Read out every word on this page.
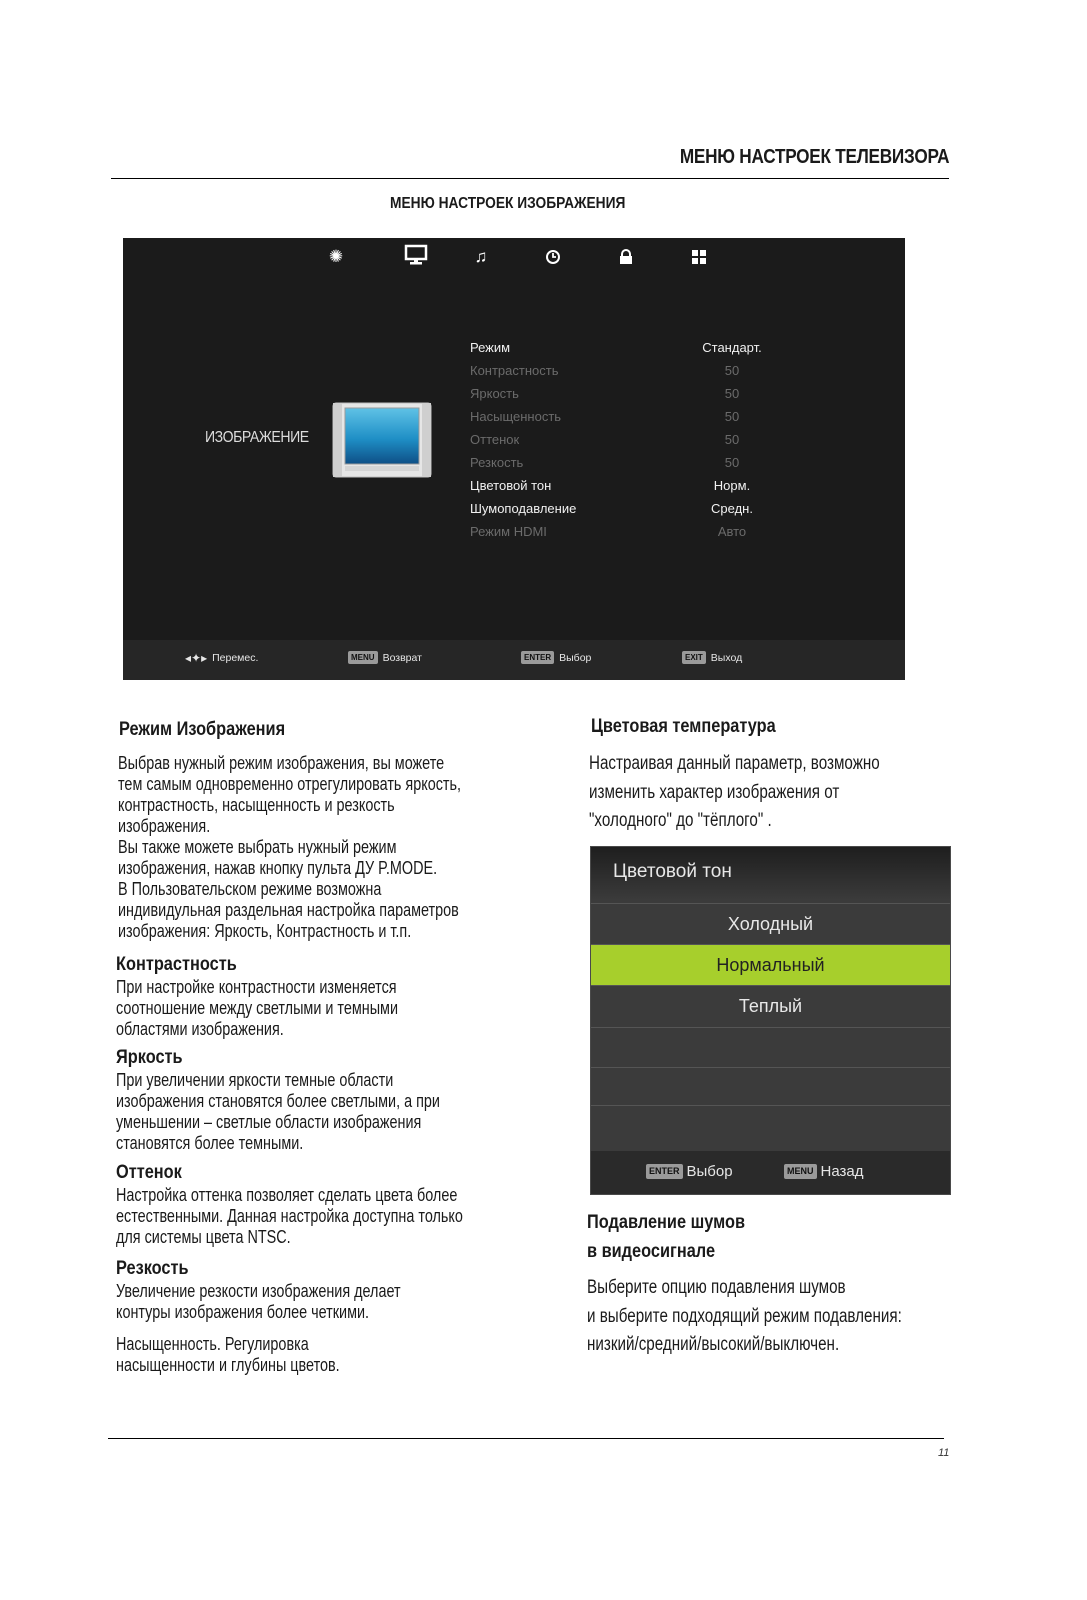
МЕНЮ НАСТРОЕК ТЕЛЕВИЗОРА
МЕНЮ НАСТРОЕК ИЗОБРАЖЕНИЯ
✺	♫
ИЗОБРАЖЕНИЕ
Режим	Стандарт.
Контрастность	50
Яркость	50
Насыщенность	50
Оттенок	50
Резкость	50
Цветовой тон	Норм.
Шумоподавление	Средн.
Режим HDMI	Авто
◂✦▸ Перемес.	MENU Возврат	ENTER Выбор	EXIT Выход
Режим Изображения
Выбрав нужный режим изображения, вы можете
тем самым одновременно отрегулировать яркость,
контрастность, насыщенность и резкость
изображения.
Вы также можете выбрать нужный режим
изображения, нажав кнопку пульта ДУ P.MODE.
В Пользовательском режиме возможна
индивидульная раздельная настройка параметров
изображения: Яркость, Контрастность и т.п.
Контрастность
При настройке контрастности изменяется
соотношение между светлыми и темными
областями изображения.
Яркость
При увеличении яркости темные области
изображения становятся более светлыми, а при
уменьшении – светлые области изображения
становятся более темными.
Оттенок
Настройка оттенка позволяет сделать цвета более
естественными. Данная настройка доступна только
для системы цвета NTSC.
Резкость
Увеличение резкости изображения делает
контуры изображения более четкими.
Насыщенность. Регулировка
насыщенности и глубины цветов.
Цветовая температура
Настраивая данный параметр, возможно
изменить характер изображения от
"холодного" до "тёплого" .
Цветовой тон
Холодный
Нормальный
Теплый
ENTER Выбор	MENU Назад
Подавление шумов
в видеосигнале
Выберите опцию подавления шумов
и выберите подходящий режим подавления:
низкий/средний/высокий/выключен.
11
